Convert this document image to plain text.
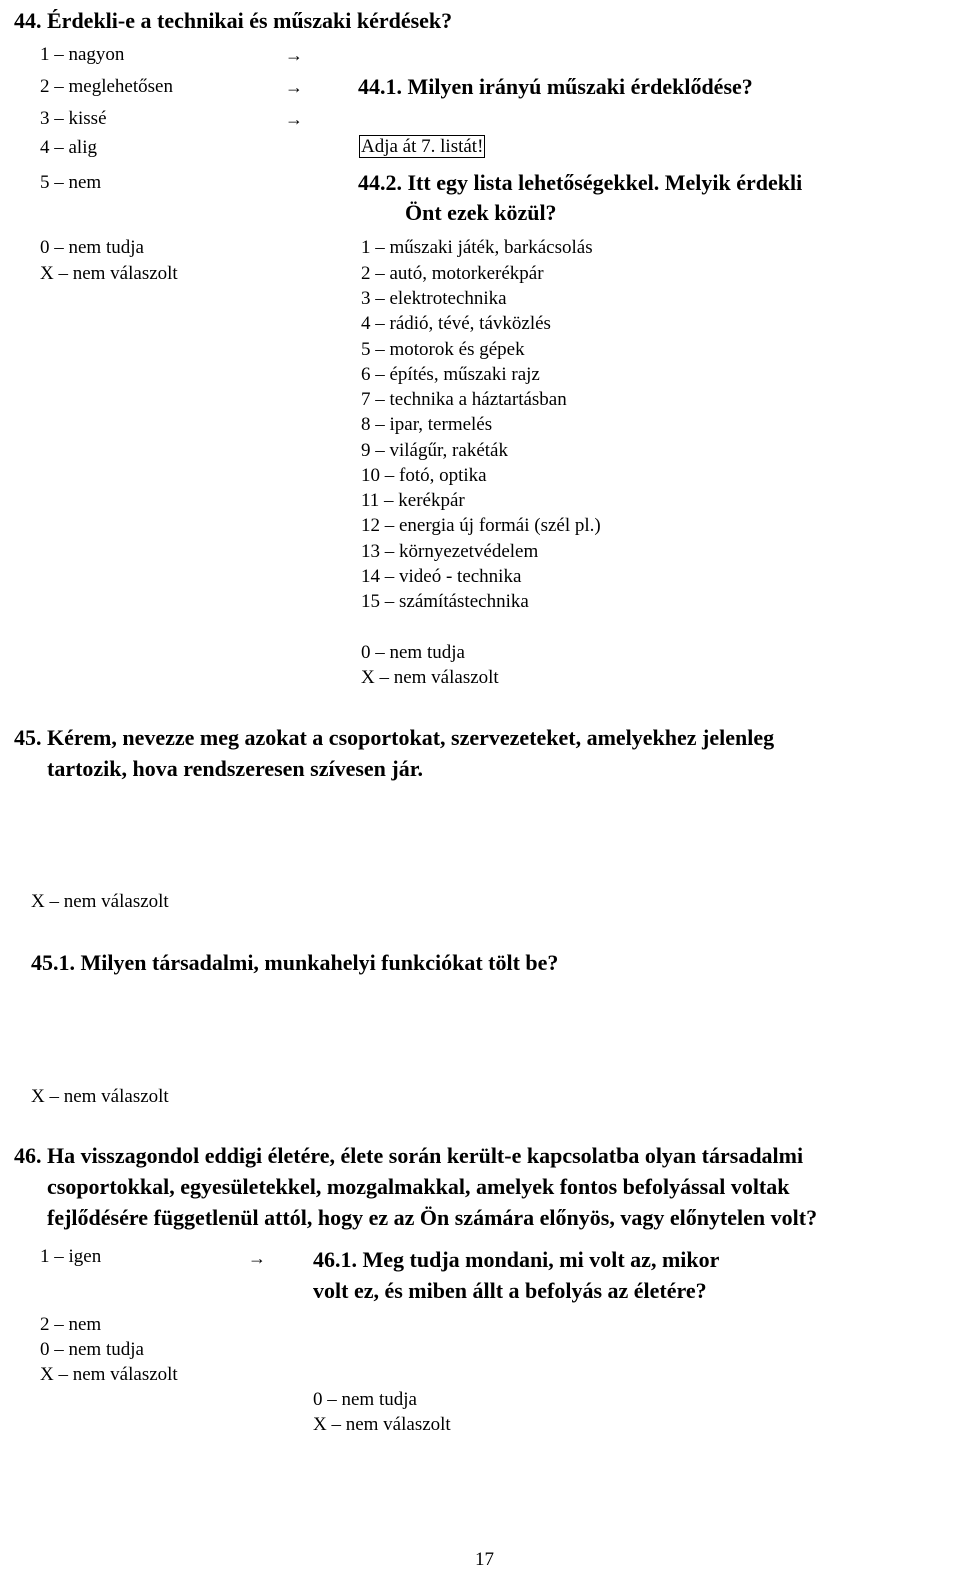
44. Érdekli-e a technikai és műszaki kérdések?
1 – nagyon
2 – meglehetősen
3 – kissé
4 – alig
5 – nem
0 – nem tudja
X – nem válaszolt
→
→
→
44.1. Milyen irányú műszaki érdeklődése?
Adja át 7. listát!
44.2. Itt egy lista lehetőségekkel. Melyik érdekli
Önt ezek közül?
1 – műszaki játék, barkácsolás
2 – autó, motorkerékpár
3 – elektrotechnika
4 – rádió, tévé, távközlés
5 – motorok és gépek
6 – építés, műszaki rajz
7 – technika a háztartásban
8 – ipar, termelés
9 – világűr, rakéták
10 – fotó, optika
11 – kerékpár
12 – energia új formái (szél pl.)
13 – környezetvédelem
14 – videó - technika
15 – számítástechnika
0 – nem tudja
X – nem válaszolt
45. Kérem, nevezze meg azokat a csoportokat, szervezeteket, amelyekhez jelenleg
tartozik, hova rendszeresen szívesen jár.
X – nem válaszolt
45.1. Milyen társadalmi, munkahelyi funkciókat tölt be?
X – nem válaszolt
46. Ha visszagondol eddigi életére, élete során került-e kapcsolatba olyan társadalmi
csoportokkal, egyesületekkel, mozgalmakkal, amelyek fontos befolyással voltak
fejlődésére függetlenül attól, hogy ez az Ön számára előnyös, vagy előnytelen volt?
1 – igen	→
2 – nem
0 – nem tudja
X – nem válaszolt
46.1. Meg tudja mondani, mi volt az, mikor
volt ez, és miben állt a befolyás az életére?
0 – nem tudja
X – nem válaszolt
17
